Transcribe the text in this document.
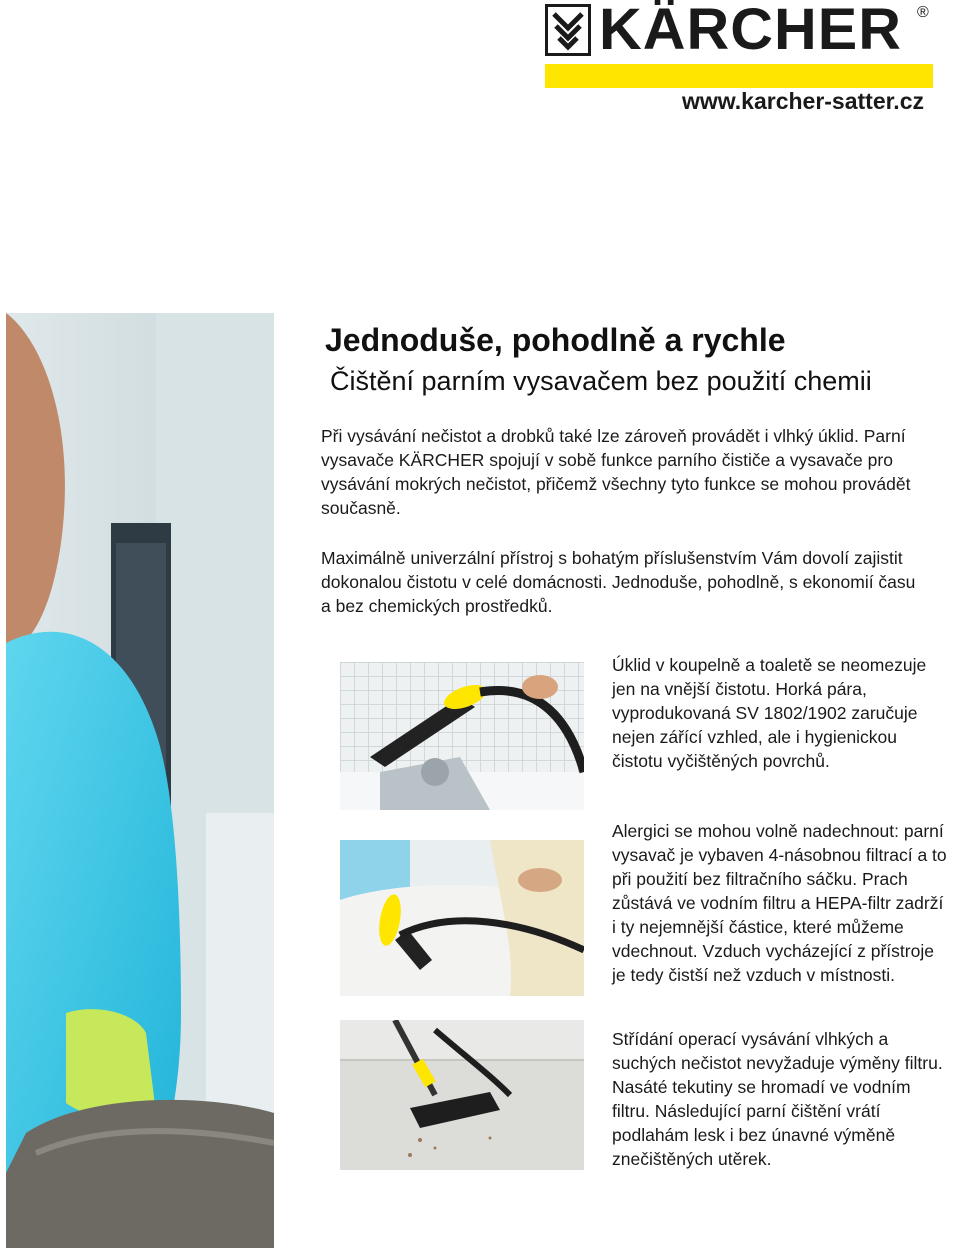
KÄRCHER ®
www.karcher-satter.cz
Jednoduše, pohodlně a rychle
Čištění parním vysavačem bez použití chemii

Při vysávání nečistot a drobků také lze zároveň provádět i vlhký úklid. Parní vysavače KÄRCHER spojují v sobě funkce parního čističe a vysavače pro vysávání mokrých nečistot, přičemž všechny tyto funkce se mohou provádět současně.

Maximálně univerzální přístroj s bohatým příslušenstvím Vám dovolí zajistit dokonalou čistotu v celé domácnosti. Jednoduše, pohodlně, s ekonomií času a bez chemických prostředků.

Úklid v koupelně a toaletě se neomezuje jen na vnější čistotu. Horká pára, vyprodukovaná SV 1802/1902 zaručuje nejen zářící vzhled, ale i hygienickou čistotu vyčištěných povrchů.

Alergici se mohou volně nadechnout: parní vysavač je vybaven 4-násobnou filtrací a to při použití bez filtračního sáčku. Prach zůstává ve vodním filtru a HEPA-filtr zadrží i ty nejemnější částice, které můžeme vdechnout. Vzduch vycházející z přístroje je tedy čistší než vzduch v místnosti.

Střídání operací vysávání vlhkých a suchých nečistot nevyžaduje výměny filtru. Nasáté tekutiny se hromadí ve vodním filtru. Následující parní čištění vrátí podlahám lesk i bez únavné výměně znečištěných utěrek.
